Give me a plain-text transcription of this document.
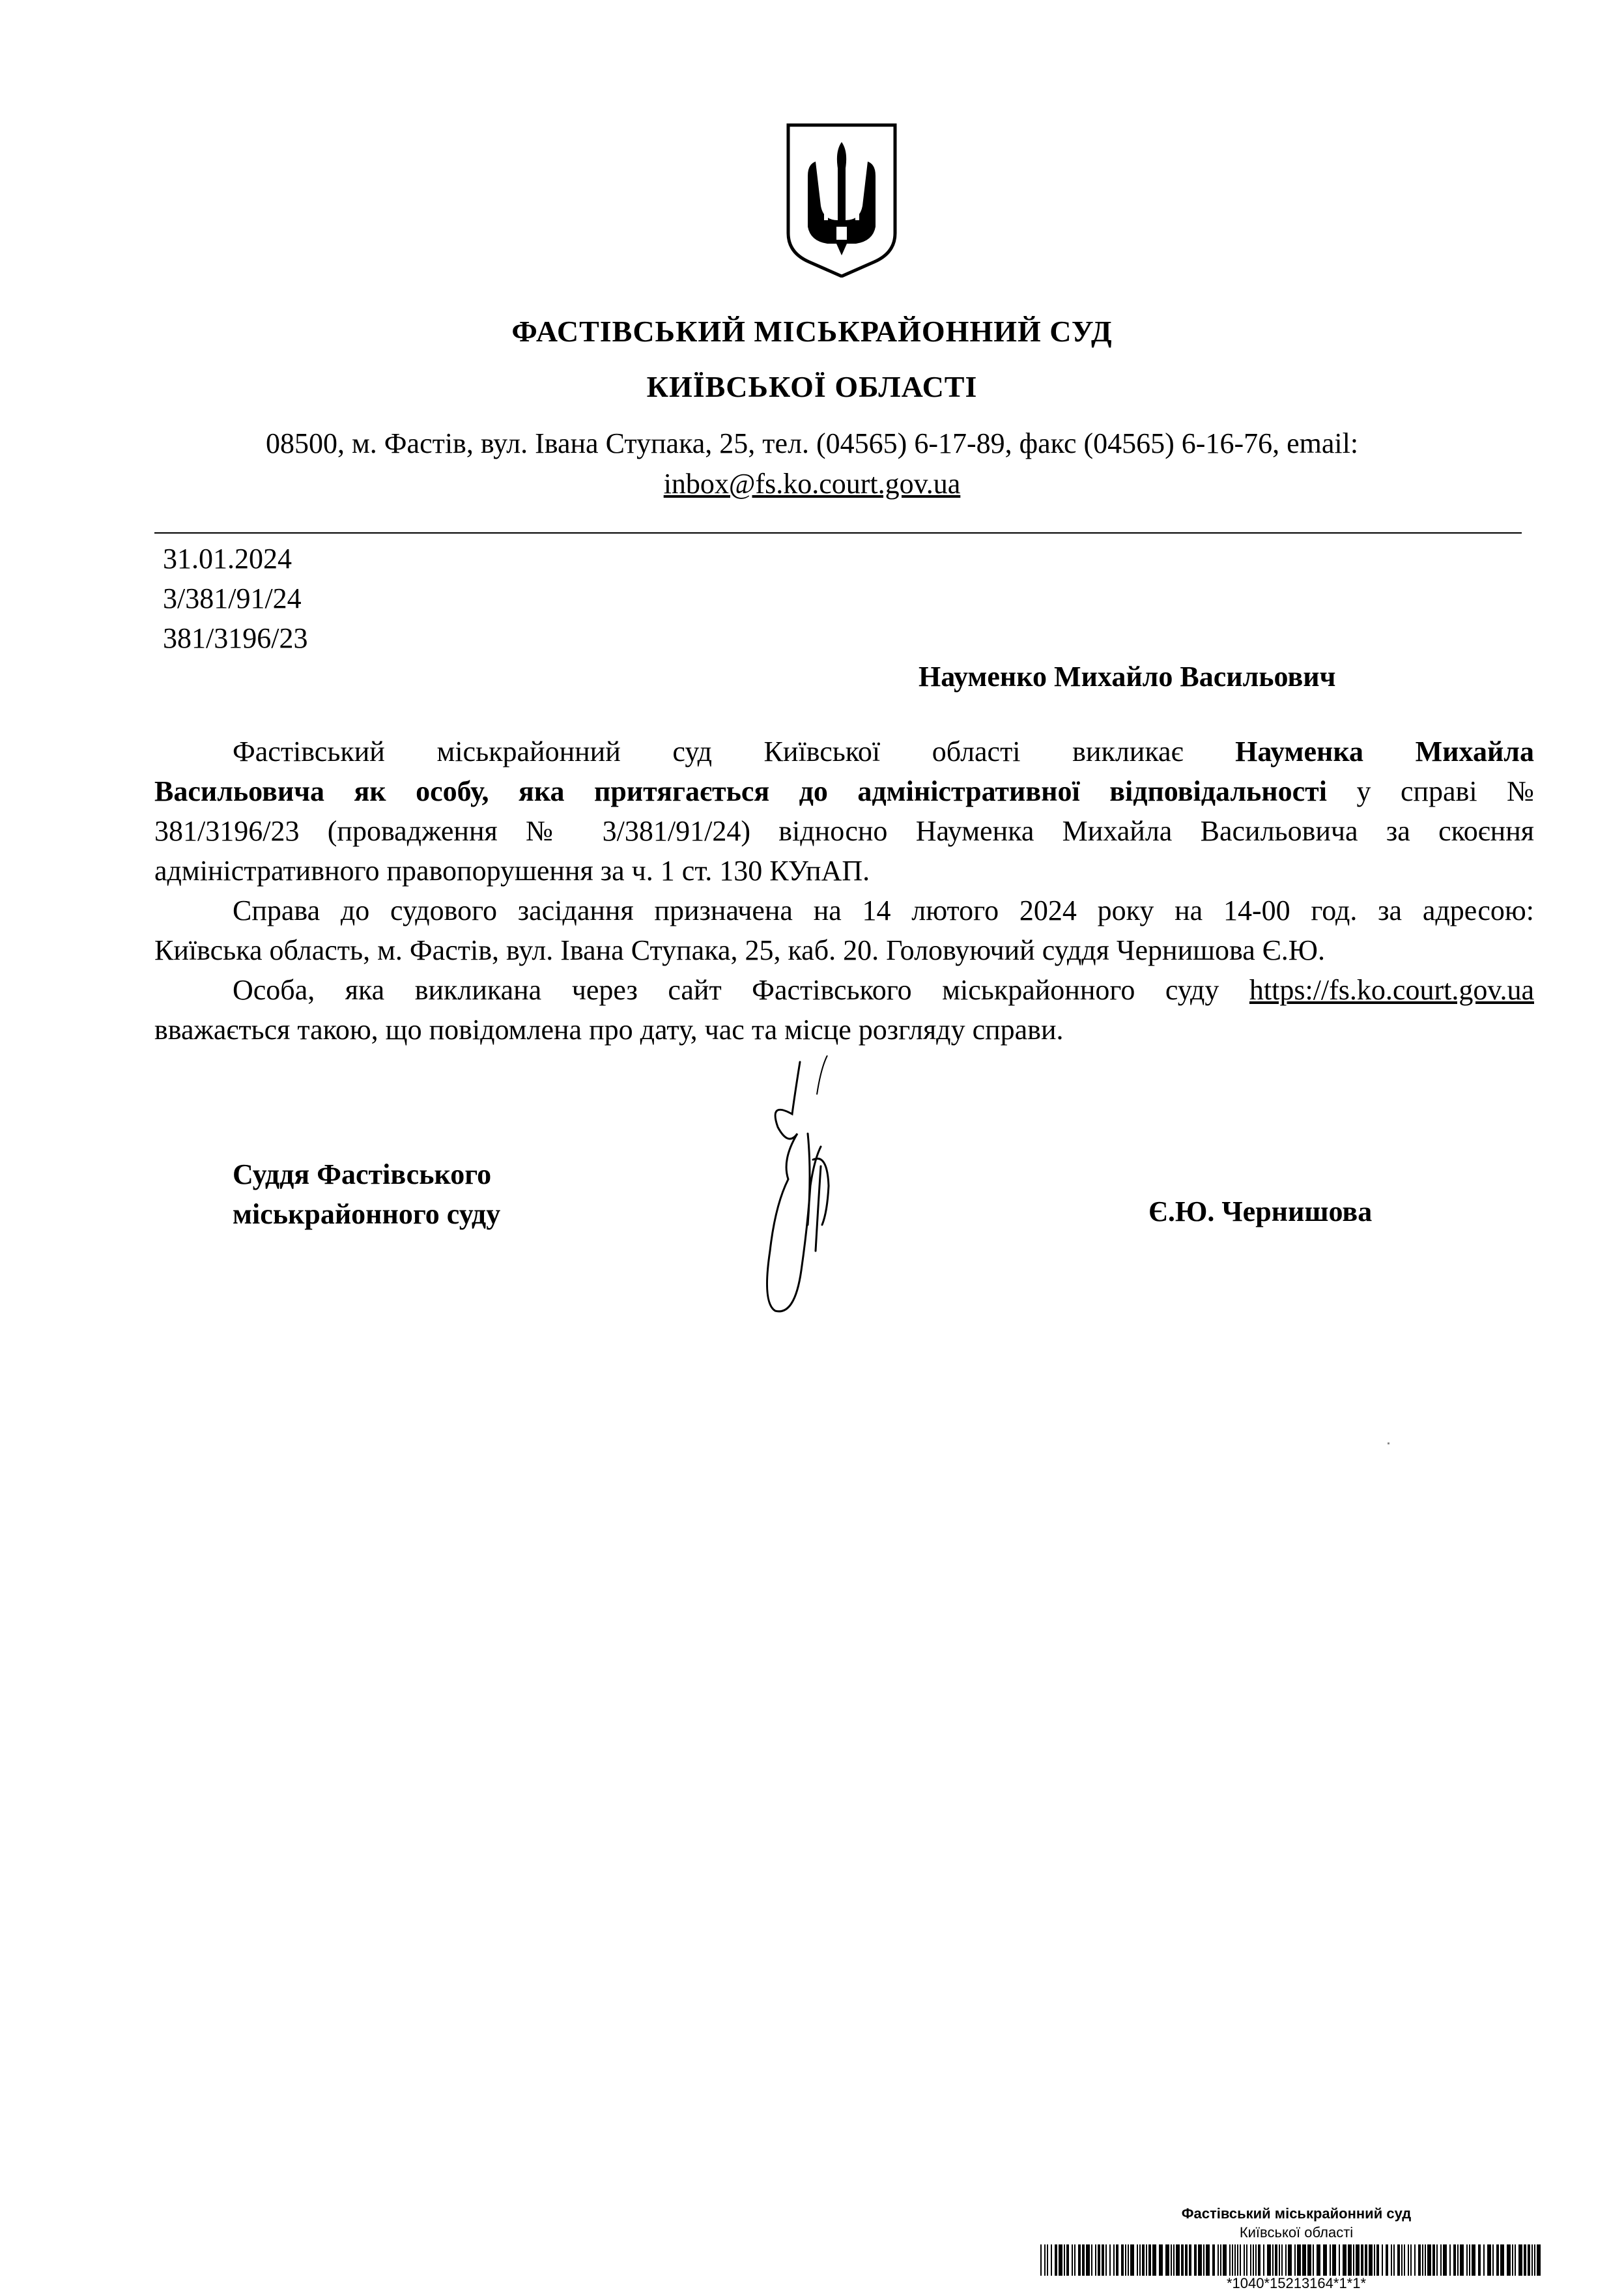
ФАСТІВСЬКИЙ МІСЬКРАЙОННИЙ СУД
КИЇВСЬКОЇ ОБЛАСТІ
08500, м. Фастів, вул. Івана Ступака, 25, тел. (04565) 6-17-89, факс (04565) 6-16-76, email:
inbox@fs.ko.court.gov.ua
31.01.2024
3/381/91/24
381/3196/23
Науменко Михайло Васильович
Фастівський міськрайонний суд Київської області викликає Науменка Михайла
Васильовича як особу, яка притягається до адміністративної відповідальності у справі №
381/3196/23 (провадження № 3/381/91/24) відносно Науменка Михайла Васильовича за скоєння
адміністративного правопорушення за ч. 1 ст. 130 КУпАП.
Справа до судового засідання призначена на 14 лютого 2024 року на 14-00 год. за адресою:
Київська область, м. Фастів, вул. Івана Ступака, 25, каб. 20. Головуючий суддя Чернишова Є.Ю.
Особа, яка викликана через сайт Фастівського міськрайонного суду https://fs.ko.court.gov.ua
вважається такою, що повідомлена про дату, час та місце розгляду справи.
Суддя Фастівського
міськрайонного суду	Є.Ю. Чернишова
Фастівський міськрайонний суд
Київської області
*1040*15213164*1*1*
